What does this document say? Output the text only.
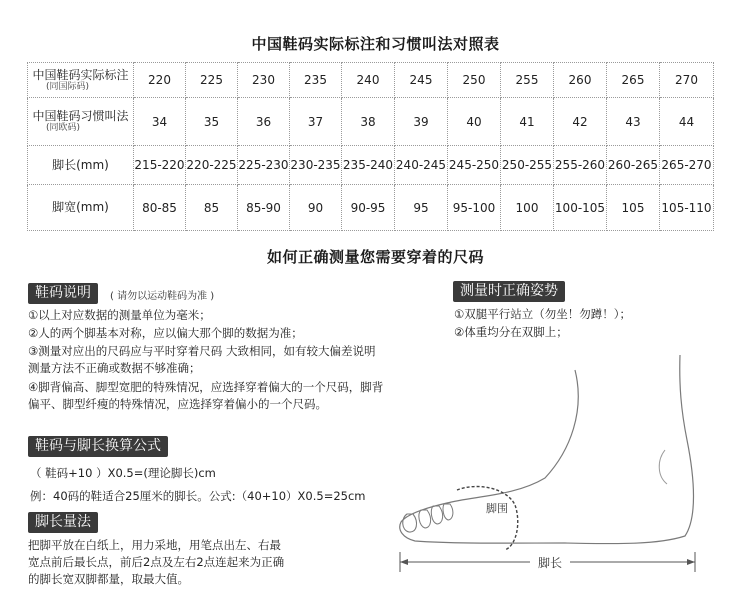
中国鞋码实际标注和习惯叫法对照表
中国鞋码实际标注
(同国际码)	220	225	230	235	240	245	250	255	260	265	270
中国鞋码习惯叫法
(同欧码)	34	35	36	37	38	39	40	41	42	43	44
脚长(mm)	215-220	220-225	225-230	230-235	235-240	240-245	245-250	250-255	255-260	260-265	265-270
脚宽(mm)	80-85	85	85-90	90	90-95	95	95-100	100	100-105	105	105-110
如何正确测量您需要穿着的尺码
鞋码说明	( 请勿以运动鞋码为准 )
①以上对应数据的测量单位为毫米；
②人的两个脚基本对称，应以偏大那个脚的数据为准；
③测量对应出的尺码应与平时穿着尺码 大致相同，如有较大偏差说明测量方法不正确或数据不够准确；
④脚背偏高、脚型宽肥的特殊情况，应选择穿着偏大的一个尺码，脚背偏平、脚型纤瘦的特殊情况，应选择穿着偏小的一个尺码。
鞋码与脚长换算公式
（ 鞋码+10 ）X0.5=(理论脚长)cm
例：40码的鞋适合25厘米的脚长。公式:（40+10）X0.5=25cm
脚长量法
把脚平放在白纸上，用力采地，用笔点出左、右最宽点前后最长点，前后2点及左右2点连起来为正确的脚长宽双脚都量，取最大值。
测量时正确姿势
①双腿平行站立（勿坐！勿蹲！）；
②体重均分在双脚上；
脚长
脚围
